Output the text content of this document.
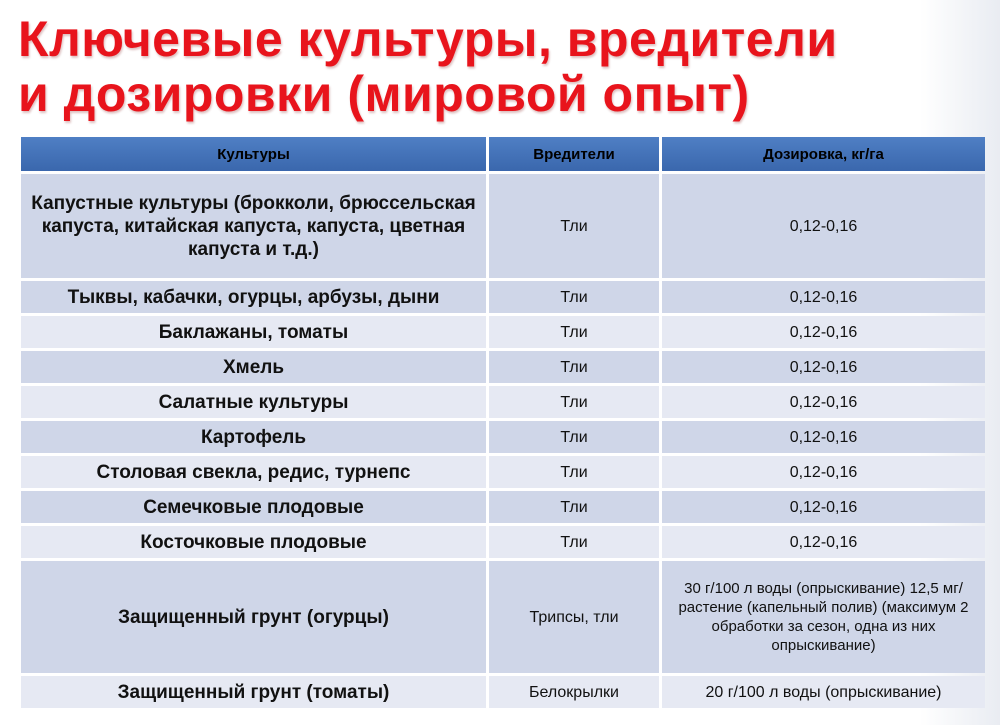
Ключевые культуры, вредители
и дозировки (мировой опыт)
Культуры	Вредители	Дозировка, кг/га
Капустные культуры (брокколи, брюссельская капуста, китайская капуста, капуста, цветная капуста и т.д.)	Тли	0,12-0,16
Тыквы, кабачки, огурцы, арбузы, дыни	Тли	0,12-0,16
Баклажаны, томаты	Тли	0,12-0,16
Хмель	Тли	0,12-0,16
Салатные культуры	Тли	0,12-0,16
Картофель	Тли	0,12-0,16
Столовая свекла, редис, турнепс	Тли	0,12-0,16
Семечковые плодовые	Тли	0,12-0,16
Косточковые плодовые	Тли	0,12-0,16
Защищенный грунт (огурцы)	Трипсы, тли	30 г/100 л воды (опрыскивание) 12,5 мг/растение (капельный полив) (максимум 2 обработки за сезон, одна из них опрыскивание)
Защищенный грунт (томаты)	Белокрылки	20 г/100 л воды (опрыскивание)
